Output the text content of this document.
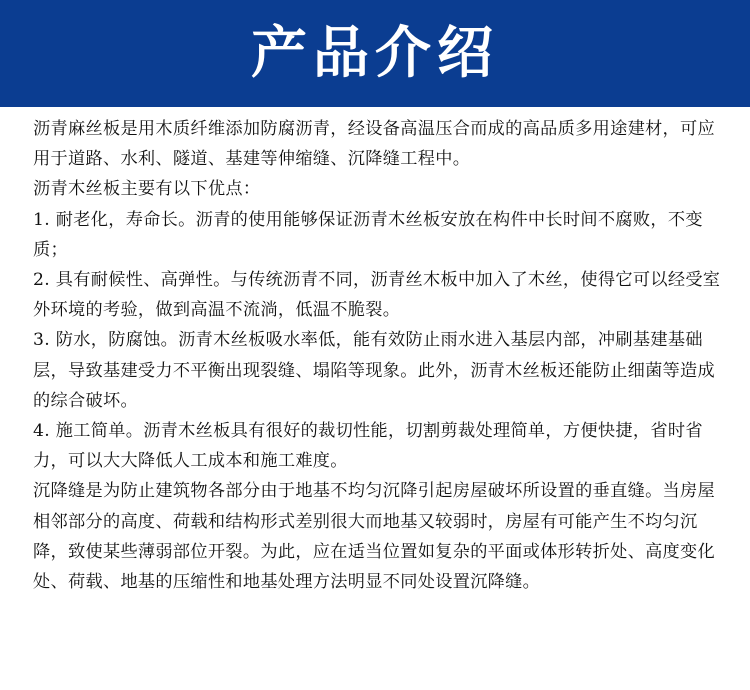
产品介绍

沥青麻丝板是用木质纤维添加防腐沥青，经设备高温压合而成的高品质多用途建材，可应用于道路、水利、隧道、基建等伸缩缝、沉降缝工程中。

沥青木丝板主要有以下优点：

1. 耐老化，寿命长。沥青的使用能够保证沥青木丝板安放在构件中长时间不腐败，不变质；

2. 具有耐候性、高弹性。与传统沥青不同，沥青丝木板中加入了木丝，使得它可以经受室外环境的考验，做到高温不流淌，低温不脆裂。

3. 防水，防腐蚀。沥青木丝板吸水率低，能有效防止雨水进入基层内部，冲刷基建基础层，导致基建受力不平衡出现裂缝、塌陷等现象。此外，沥青木丝板还能防止细菌等造成的综合破坏。

4. 施工简单。沥青木丝板具有很好的裁切性能，切割剪裁处理简单，方便快捷，省时省力，可以大大降低人工成本和施工难度。

沉降缝是为防止建筑物各部分由于地基不均匀沉降引起房屋破坏所设置的垂直缝。当房屋相邻部分的高度、荷载和结构形式差别很大而地基又较弱时，房屋有可能产生不均匀沉降，致使某些薄弱部位开裂。为此，应在适当位置如复杂的平面或体形转折处、高度变化处、荷载、地基的压缩性和地基处理方法明显不同处设置沉降缝。
